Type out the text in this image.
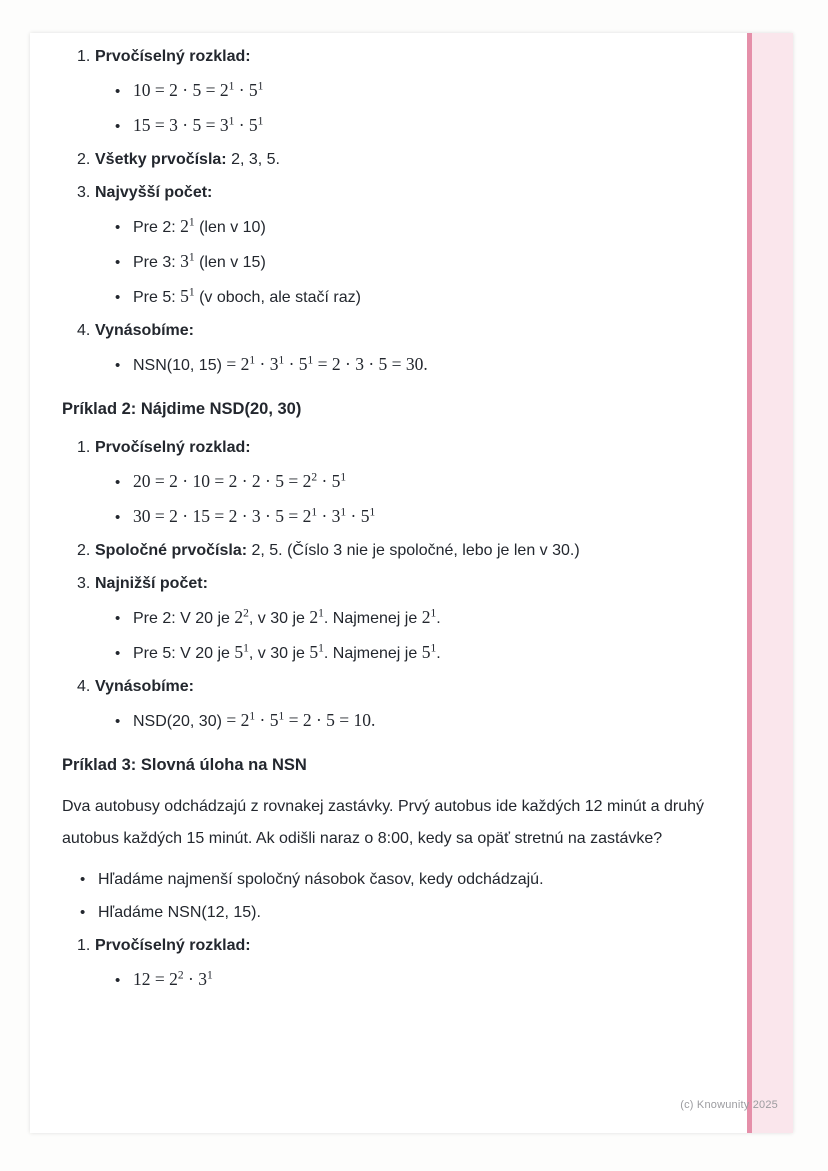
1. Prvočíselný rozklad:
• $10 = 2 \cdot 5 = 2^1 \cdot 5^1$
• $15 = 3 \cdot 5 = 3^1 \cdot 5^1$
2. Všetky prvočísla: 2, 3, 5.
3. Najvyšší počet:
• Pre 2: $2^1$ (len v 10)
• Pre 3: $3^1$ (len v 15)
• Pre 5: $5^1$ (v oboch, ale stačí raz)
4. Vynásobíme:
• NSN(10, $15) = 2^1 \cdot 3^1 \cdot 5^1 = 2 \cdot 3 \cdot 5 = 30$.
Príklad 2: Nájdime NSD(20, 30)
1. Prvočíselný rozklad:
• $20 = 2 \cdot 10 = 2 \cdot 2 \cdot 5 = 2^2 \cdot 5^1$
• $30 = 2 \cdot 15 = 2 \cdot 3 \cdot 5 = 2^1 \cdot 3^1 \cdot 5^1$
2. Spoločné prvočísla: 2, 5. (Číslo 3 nie je spoločné, lebo je len v 30.)
3. Najnižší počet:
• Pre 2: V 20 je $2^2$, v 30 je $2^1$. Najmenej je $2^1$.
• Pre 5: V 20 je $5^1$, v 30 je $5^1$. Najmenej je $5^1$.
4. Vynásobíme:
• NSD(20, $30) = 2^1 \cdot 5^1 = 2 \cdot 5 = 10$.
Príklad 3: Slovná úloha na NSN
Dva autobusy odchádzajú z rovnakej zastávky. Prvý autobus ide každých 12 minút a druhý autobus každých 15 minút. Ak odišli naraz o 8:00, kedy sa opäť stretnú na zastávke?
• Hľadáme najmenší spoločný násobok časov, kedy odchádzajú.
• Hľadáme NSN(12, 15).
1. Prvočíselný rozklad:
• $12 = 2^2 \cdot 3^1$
(c) Knowunity 2025
